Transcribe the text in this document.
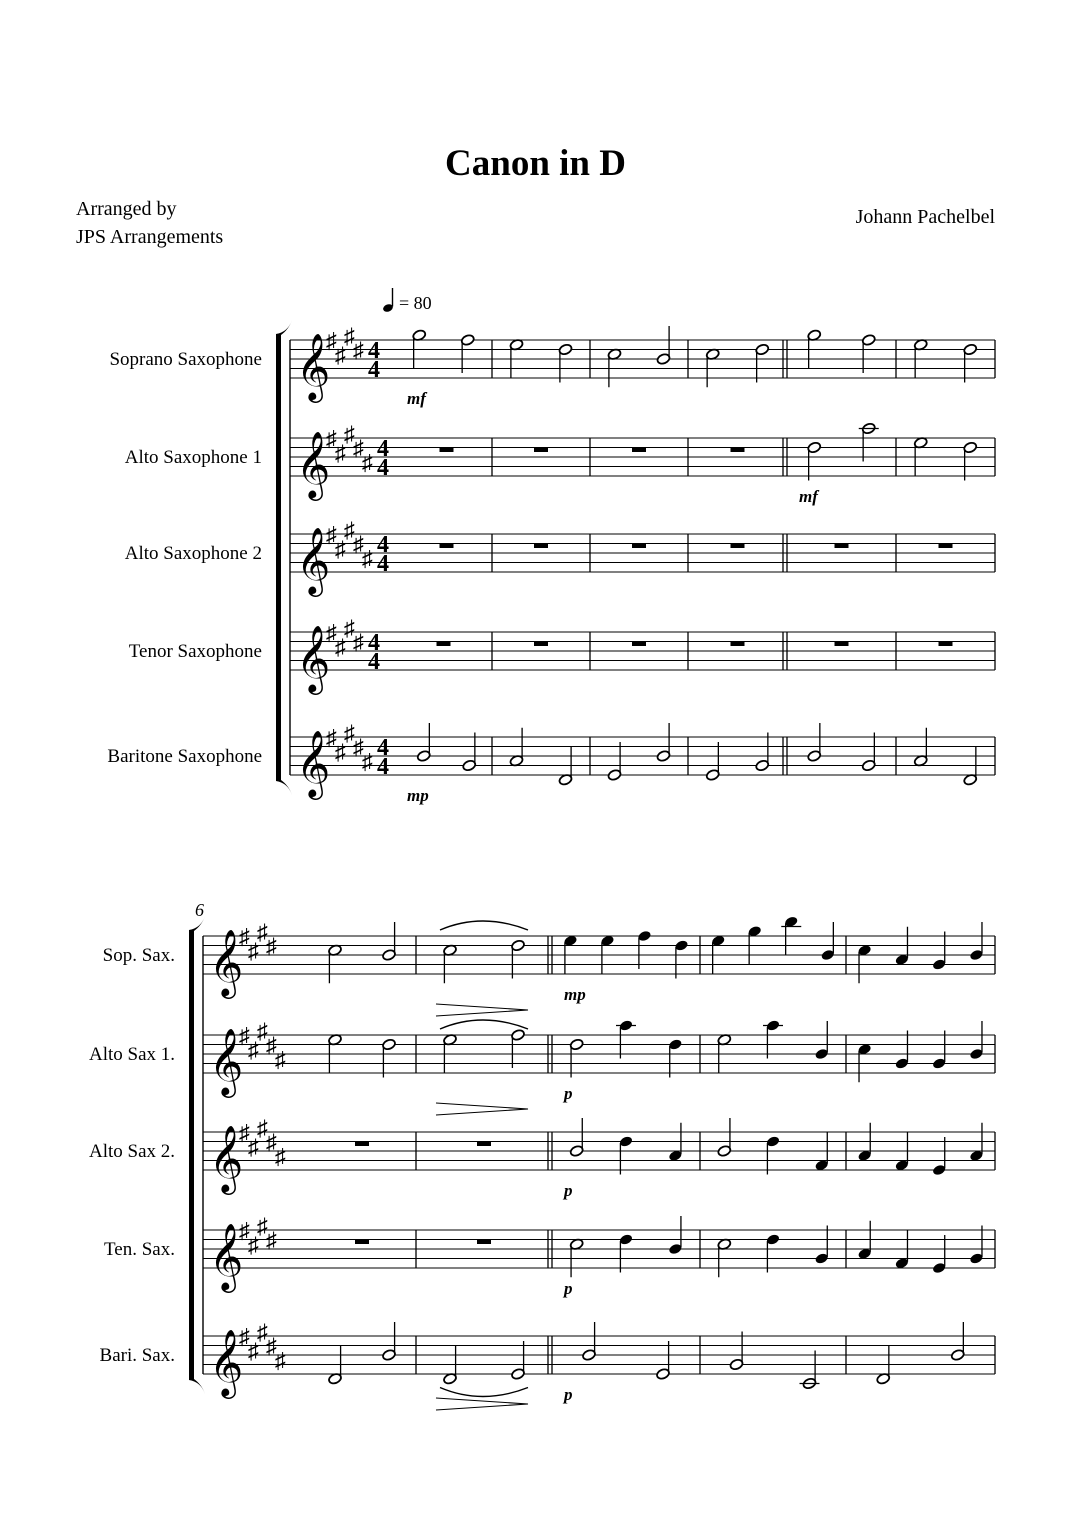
Canon in D
Arranged by
JPS Arrangements
Johann Pachelbel
= 80
Soprano Saxophone 𝄞
♯
♯
♯
♯ 4
4
mf
Alto Saxophone 1 𝄞
♯
♯
♯
♯
♯
4
4
mf
Alto Saxophone 2 𝄞
♯
♯
♯
♯
♯
4
4
Tenor Saxophone 𝄞
♯
♯
♯
♯ 4
4
Baritone Saxophone 𝄞
♯
♯
♯
♯
♯
4
4
mp
6
Sop. Sax. 𝄞
♯
♯
♯
♯
mp
Alto Sax 1. 𝄞
♯
♯
♯
♯
♯
p
Alto Sax 2. 𝄞
♯
♯
♯
♯
♯
p
Ten. Sax. 𝄞
♯
♯
♯
♯
p
Bari. Sax. 𝄞
♯
♯
♯
♯
♯
p
